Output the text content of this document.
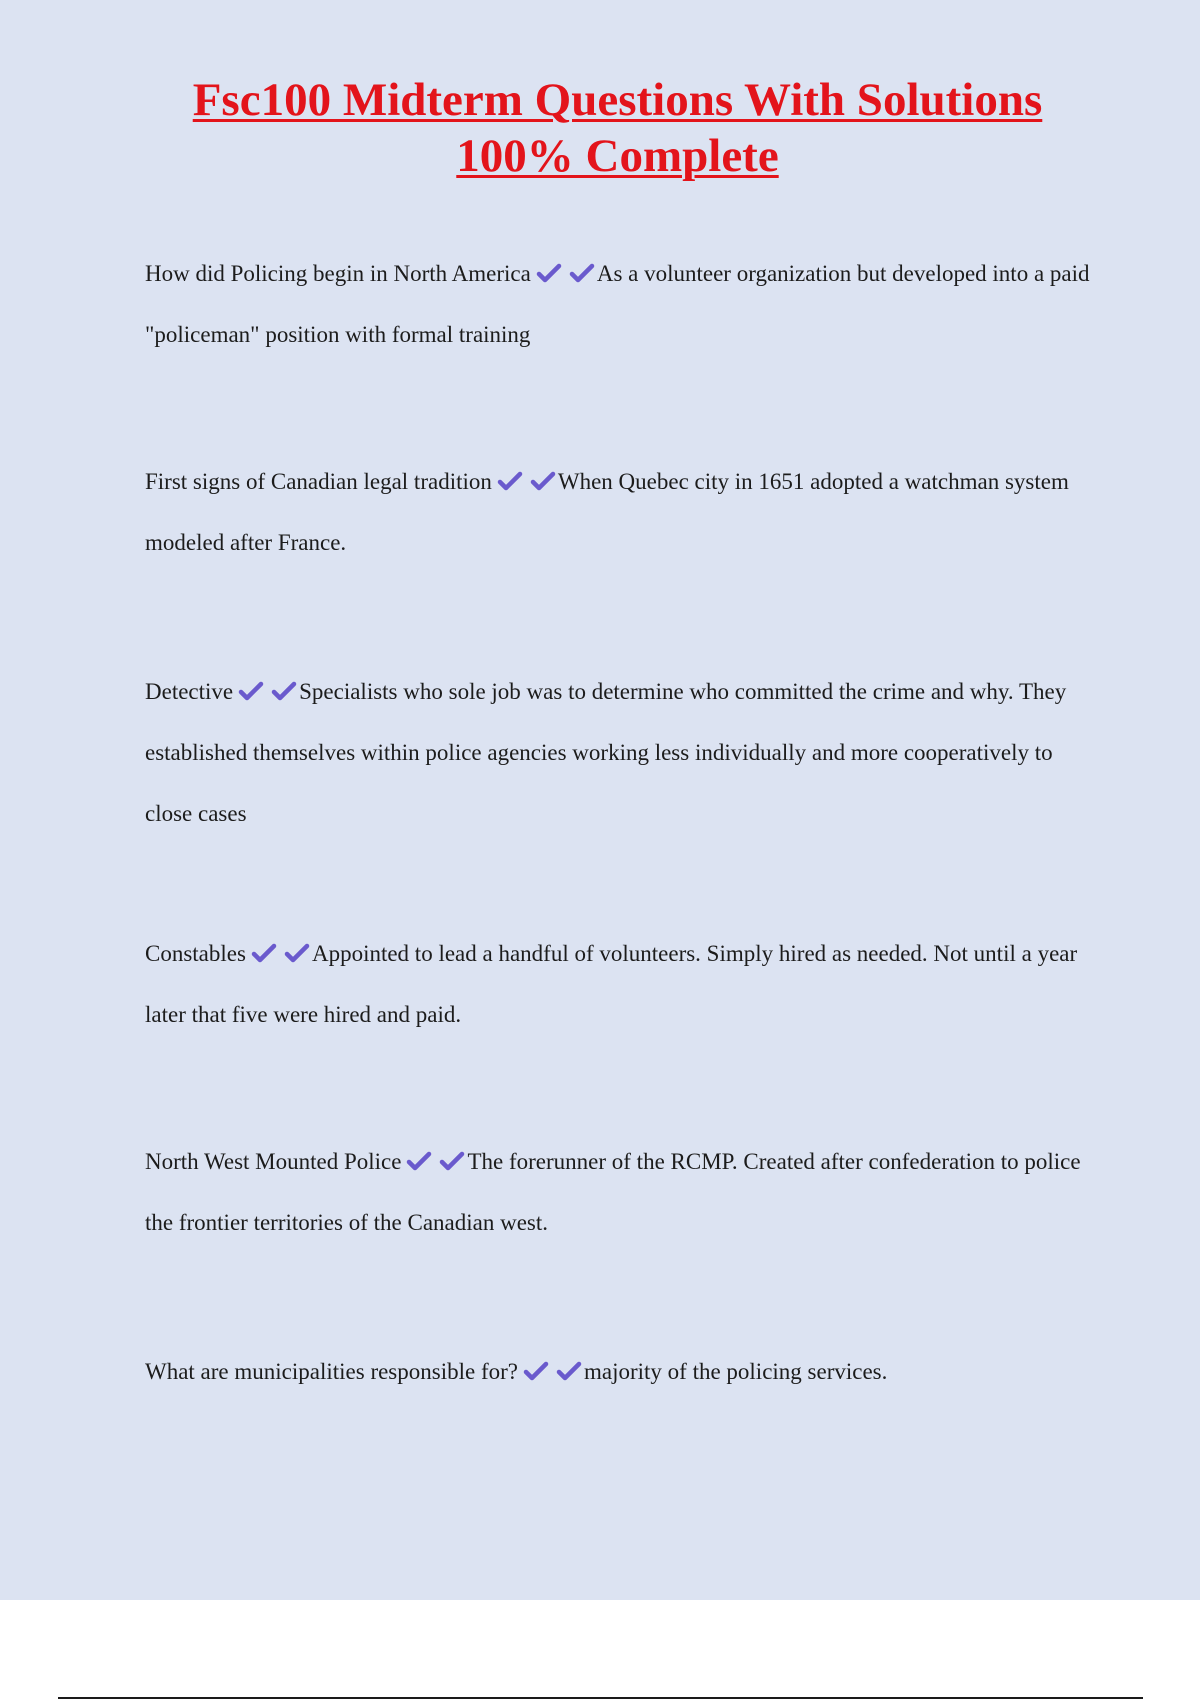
Fsc100 Midterm Questions With Solutions
100% Complete

How did Policing begin in North America	As a volunteer organization but developed into a paid "policeman" position with formal training

First signs of Canadian legal tradition	When Quebec city in 1651 adopted a watchman system modeled after France.

Detective	Specialists who sole job was to determine who committed the crime and why. They established themselves within police agencies working less individually and more cooperatively to close cases

Constables	Appointed to lead a handful of volunteers. Simply hired as needed. Not until a year later that five were hired and paid.

North West Mounted Police	The forerunner of the RCMP. Created after confederation to police the frontier territories of the Canadian west.

What are municipalities responsible for?	majority of the policing services.
